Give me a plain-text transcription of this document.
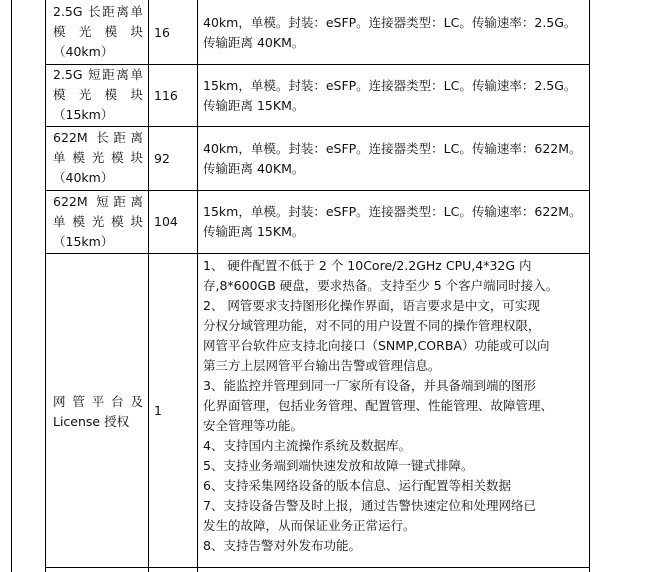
2.5G 长距离单
模 光 模 块
（40km）
16
40km，单模。封装：eSFP。连接器类型：LC。传输速率：2.5G。
传输距离 40KM。
2.5G 短距离单
模 光 模 块
（15km）
116
15km，单模。封装：eSFP。连接器类型：LC。传输速率：2.5G。
传输距离 15KM。
622M 长距离
单 模 光 模 块
（40km）
92
40km，单模。封装：eSFP。连接器类型：LC。传输速率：622M。
传输距离 40KM。
622M 短距离
单 模 光 模 块
（15km）
104
15km，单模。封装：eSFP。连接器类型：LC。传输速率：622M。
传输距离 15KM。
网 管 平 台 及
License 授权
1
1、 硬件配置不低于 2 个 10Core/2.2GHz CPU,4*32G 内
存,8*600GB 硬盘，要求热备。支持至少 5 个客户端同时接入。
2、 网管要求支持图形化操作界面，语言要求是中文，可实现
分权分域管理功能，对不同的用户设置不同的操作管理权限，
网管平台软件应支持北向接口（SNMP,CORBA）功能或可以向
第三方上层网管平台输出告警或管理信息。
3、能监控并管理到同一厂家所有设备，并具备端到端的图形
化界面管理，包括业务管理、配置管理、性能管理、故障管理、
安全管理等功能。
4、支持国内主流操作系统及数据库。
5、支持业务端到端快速发放和故障一键式排障。
6、支持采集网络设备的版本信息、运行配置等相关数据
7、支持设备告警及时上报，通过告警快速定位和处理网络已
发生的故障，从而保证业务正常运行。
8、支持告警对外发布功能。
